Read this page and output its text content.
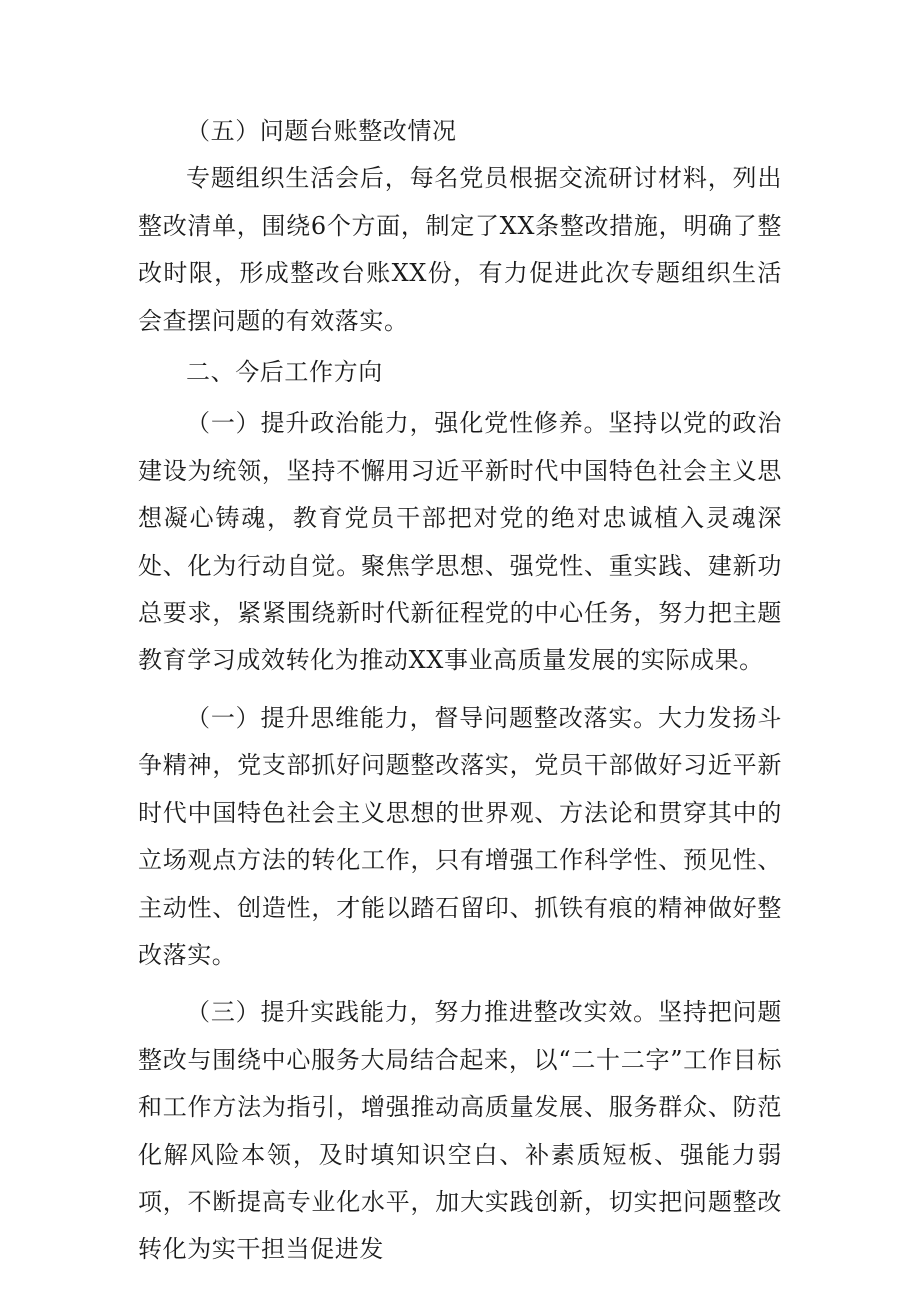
（五）问题台账整改情况

专题组织生活会后，每名党员根据交流研讨材料，列出整改清单，围绕6个方面，制定了XX条整改措施，明确了整改时限，形成整改台账XX份，有力促进此次专题组织生活会查摆问题的有效落实。

二、今后工作方向

（一）提升政治能力，强化党性修养。坚持以党的政治建设为统领，坚持不懈用习近平新时代中国特色社会主义思想凝心铸魂，教育党员干部把对党的绝对忠诚植入灵魂深处、化为行动自觉。聚焦学思想、强党性、重实践、建新功总要求，紧紧围绕新时代新征程党的中心任务，努力把主题教育学习成效转化为推动XX事业高质量发展的实际成果。

（一）提升思维能力，督导问题整改落实。大力发扬斗争精神，党支部抓好问题整改落实，党员干部做好习近平新时代中国特色社会主义思想的世界观、方法论和贯穿其中的立场观点方法的转化工作，只有增强工作科学性、预见性、主动性、创造性，才能以踏石留印、抓铁有痕的精神做好整改落实。

（三）提升实践能力，努力推进整改实效。坚持把问题整改与围绕中心服务大局结合起来，以“二十二字”工作目标和工作方法为指引，增强推动高质量发展、服务群众、防范化解风险本领，及时填知识空白、补素质短板、强能力弱项，不断提高专业化水平，加大实践创新，切实把问题整改转化为实干担当促进发
